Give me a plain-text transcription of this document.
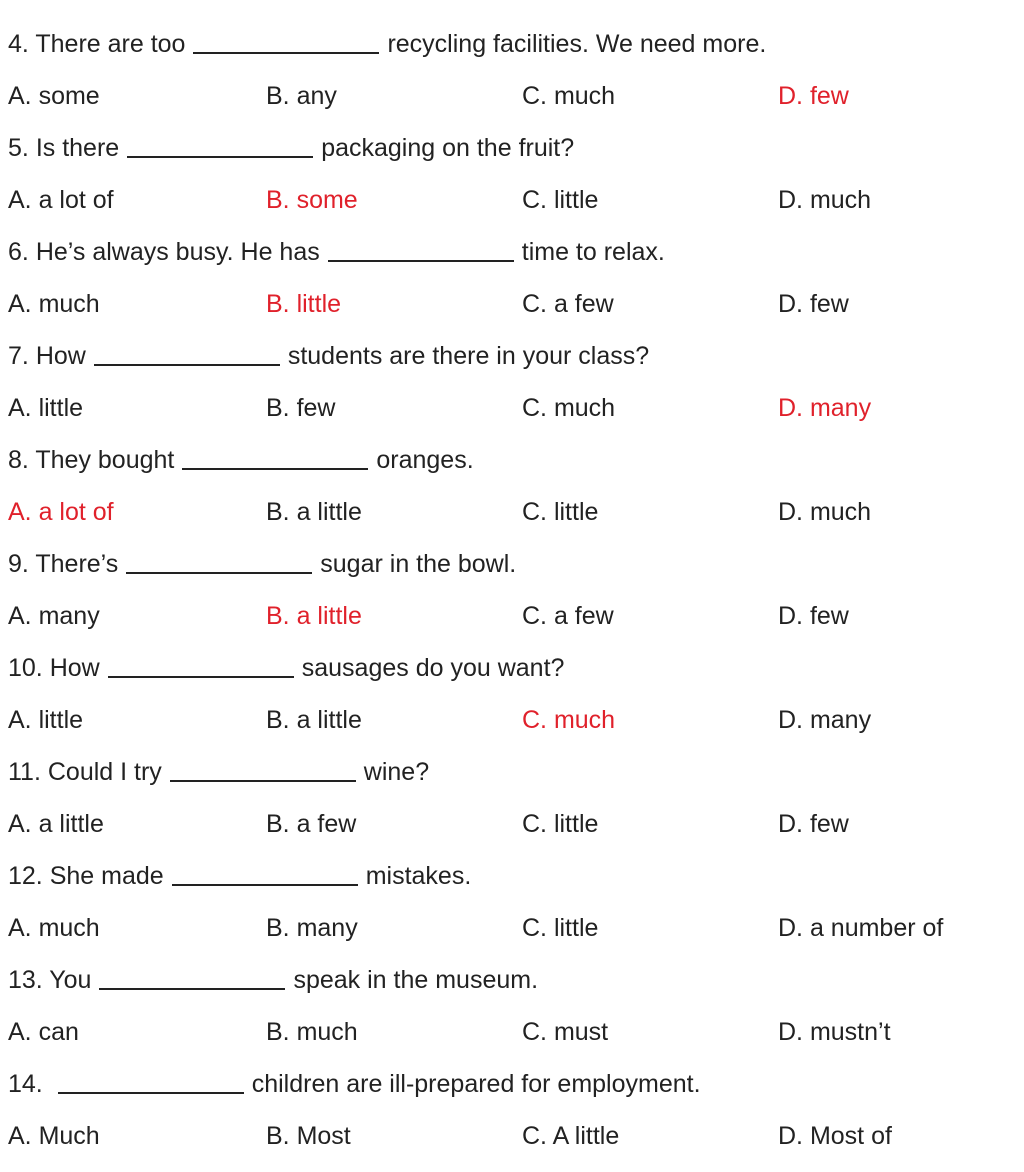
4. There are too	recycling facilities. We need more.
A. some	B. any	C. much	D. few
5. Is there	packaging on the fruit?
A. a lot of	B. some	C. little	D. much
6. He’s always busy. He has	time to relax.
A. much	B. little	C. a few	D. few
7. How	students are there in your class?
A. little	B. few	C. much	D. many
8. They bought	oranges.
A. a lot of	B. a little	C. little	D. much
9. There’s	sugar in the bowl.
A. many	B. a little	C. a few	D. few
10. How	sausages do you want?
A. little	B. a little	C. much	D. many
11. Could I try	wine?
A. a little	B. a few	C. little	D. few
12. She made	mistakes.
A. much	B. many	C. little	D. a number of
13. You	speak in the museum.
A. can	B. much	C. must	D. mustn’t
14.	children are ill-prepared for employment.
A. Much	B. Most	C. A little	D. Most of
